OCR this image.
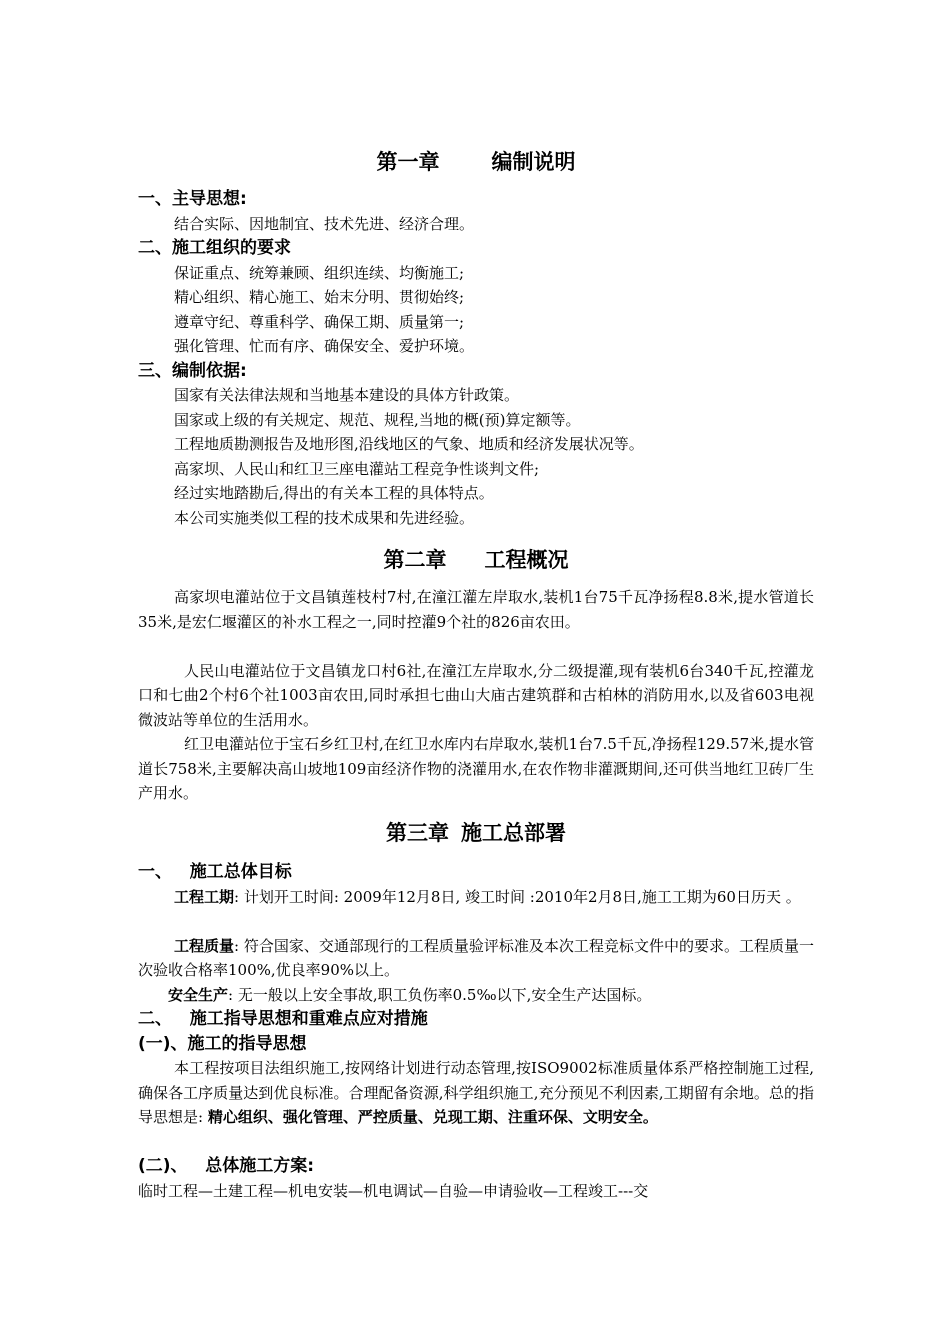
第一章 编制说明

一、主导思想:

结合实际、因地制宜、技术先进、经济合理。

二、施工组织的要求

保证重点、统筹兼顾、组织连续、均衡施工;

精心组织、精心施工、始末分明、贯彻始终;

遵章守纪、尊重科学、确保工期、质量第一;

强化管理、忙而有序、确保安全、爱护环境。

三、编制依据:

国家有关法律法规和当地基本建设的具体方针政策。

国家或上级的有关规定、规范、规程,当地的概(预)算定额等。

工程地质勘测报告及地形图,沿线地区的气象、地质和经济发展状况等。

高家坝、人民山和红卫三座电灌站工程竞争性谈判文件;

经过实地踏勘后,得出的有关本工程的具体特点。

本公司实施类似工程的技术成果和先进经验。

第二章 工程概况

高家坝电灌站位于文昌镇莲枝村7村,在潼江灌左岸取水,装机1台75千瓦净扬程8.8米,提水管道长35米,是宏仁堰灌区的补水工程之一,同时控灌9个社的826亩农田。

人民山电灌站位于文昌镇龙口村6社,在潼江左岸取水,分二级提灌,现有装机6台340千瓦,控灌龙口和七曲2个村6个社1003亩农田,同时承担七曲山大庙古建筑群和古柏林的消防用水,以及省603电视微波站等单位的生活用水。

红卫电灌站位于宝石乡红卫村,在红卫水库内右岸取水,装机1台7.5千瓦,净扬程129.57米,提水管道长758米,主要解决高山坡地109亩经济作物的浇灌用水,在农作物非灌溉期间,还可供当地红卫砖厂生产用水。

第三章 施工总部署

一、   施工总体目标

工程工期: 计划开工时间: 2009年12月8日, 竣工时间 :2010年2月8日,施工工期为60日历天 。

工程质量: 符合国家、交通部现行的工程质量验评标准及本次工程竞标文件中的要求。工程质量一次验收合格率100%,优良率90%以上。

安全生产: 无一般以上安全事故,职工负伤率0.5‰以下,安全生产达国标。

二、   施工指导思想和重难点应对措施

(一)、施工的指导思想

本工程按项目法组织施工,按网络计划进行动态管理,按ISO9002标准质量体系严格控制施工过程,确保各工序质量达到优良标准。合理配备资源,科学组织施工,充分预见不利因素,工期留有余地。总的指导思想是: 精心组织、强化管理、严控质量、兑现工期、注重环保、文明安全。

(二)、   总体施工方案:

临时工程—土建工程—机电安装—机电调试—自验—申请验收—工程竣工---交
